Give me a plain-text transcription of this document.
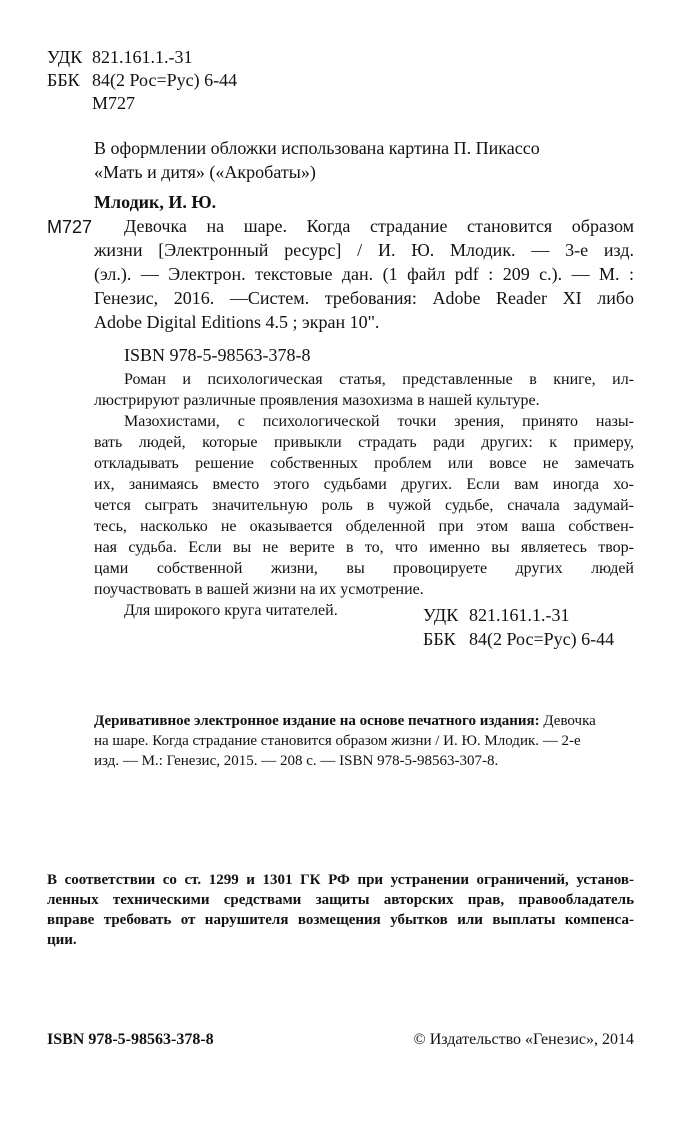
УДК 821.161.1.-31
ББК 84(2 Рос=Рус) 6-44
М727
В оформлении обложки использована картина П. Пикассо
«Мать и дитя» («Акробаты»)
Млодик, И. Ю.
М727	Девочка на шаре. Когда страдание становится образом
жизни [Электронный ресурс] / И. Ю. Млодик. — 3-е изд.
(эл.). — Электрон. текстовые дан. (1 файл pdf : 209 с.). — М. :
Генезис, 2016. —Систем. требования: Adobe Reader XI либо
Adobe Digital Editions 4.5 ; экран 10".
ISBN 978-5-98563-378-8
Роман и психологическая статья, представленные в книге, ил-
люстрируют различные проявления мазохизма в нашей культуре.
Мазохистами, с психологической точки зрения, принято назы-
вать людей, которые привыкли страдать ради других: к примеру,
откладывать решение собственных проблем или вовсе не замечать
их, занимаясь вместо этого судьбами других. Если вам иногда хо-
чется сыграть значительную роль в чужой судьбе, сначала задумай-
тесь, насколько не оказывается обделенной при этом ваша собствен-
ная судьба. Если вы не верите в то, что именно вы являетесь твор-
цами собственной жизни, вы провоцируете других людей
поучаствовать в вашей жизни на их усмотрение.
Для широкого круга читателей.	УДК 821.161.1.-31
ББК 84(2 Рос=Рус) 6-44
Деривативное электронное издание на основе печатного издания: Девочка
на шаре. Когда страдание становится образом жизни / И. Ю. Млодик. — 2-е
изд. — М.: Генезис, 2015. — 208 с. — ISBN 978-5-98563-307-8.
В соответствии со ст. 1299 и 1301 ГК РФ при устранении ограничений, установ-
ленных техническими средствами защиты авторских прав, правообладатель
вправе требовать от нарушителя возмещения убытков или выплаты компенса-
ции.
ISBN 978-5-98563-378-8	© Издательство «Генезис», 2014
